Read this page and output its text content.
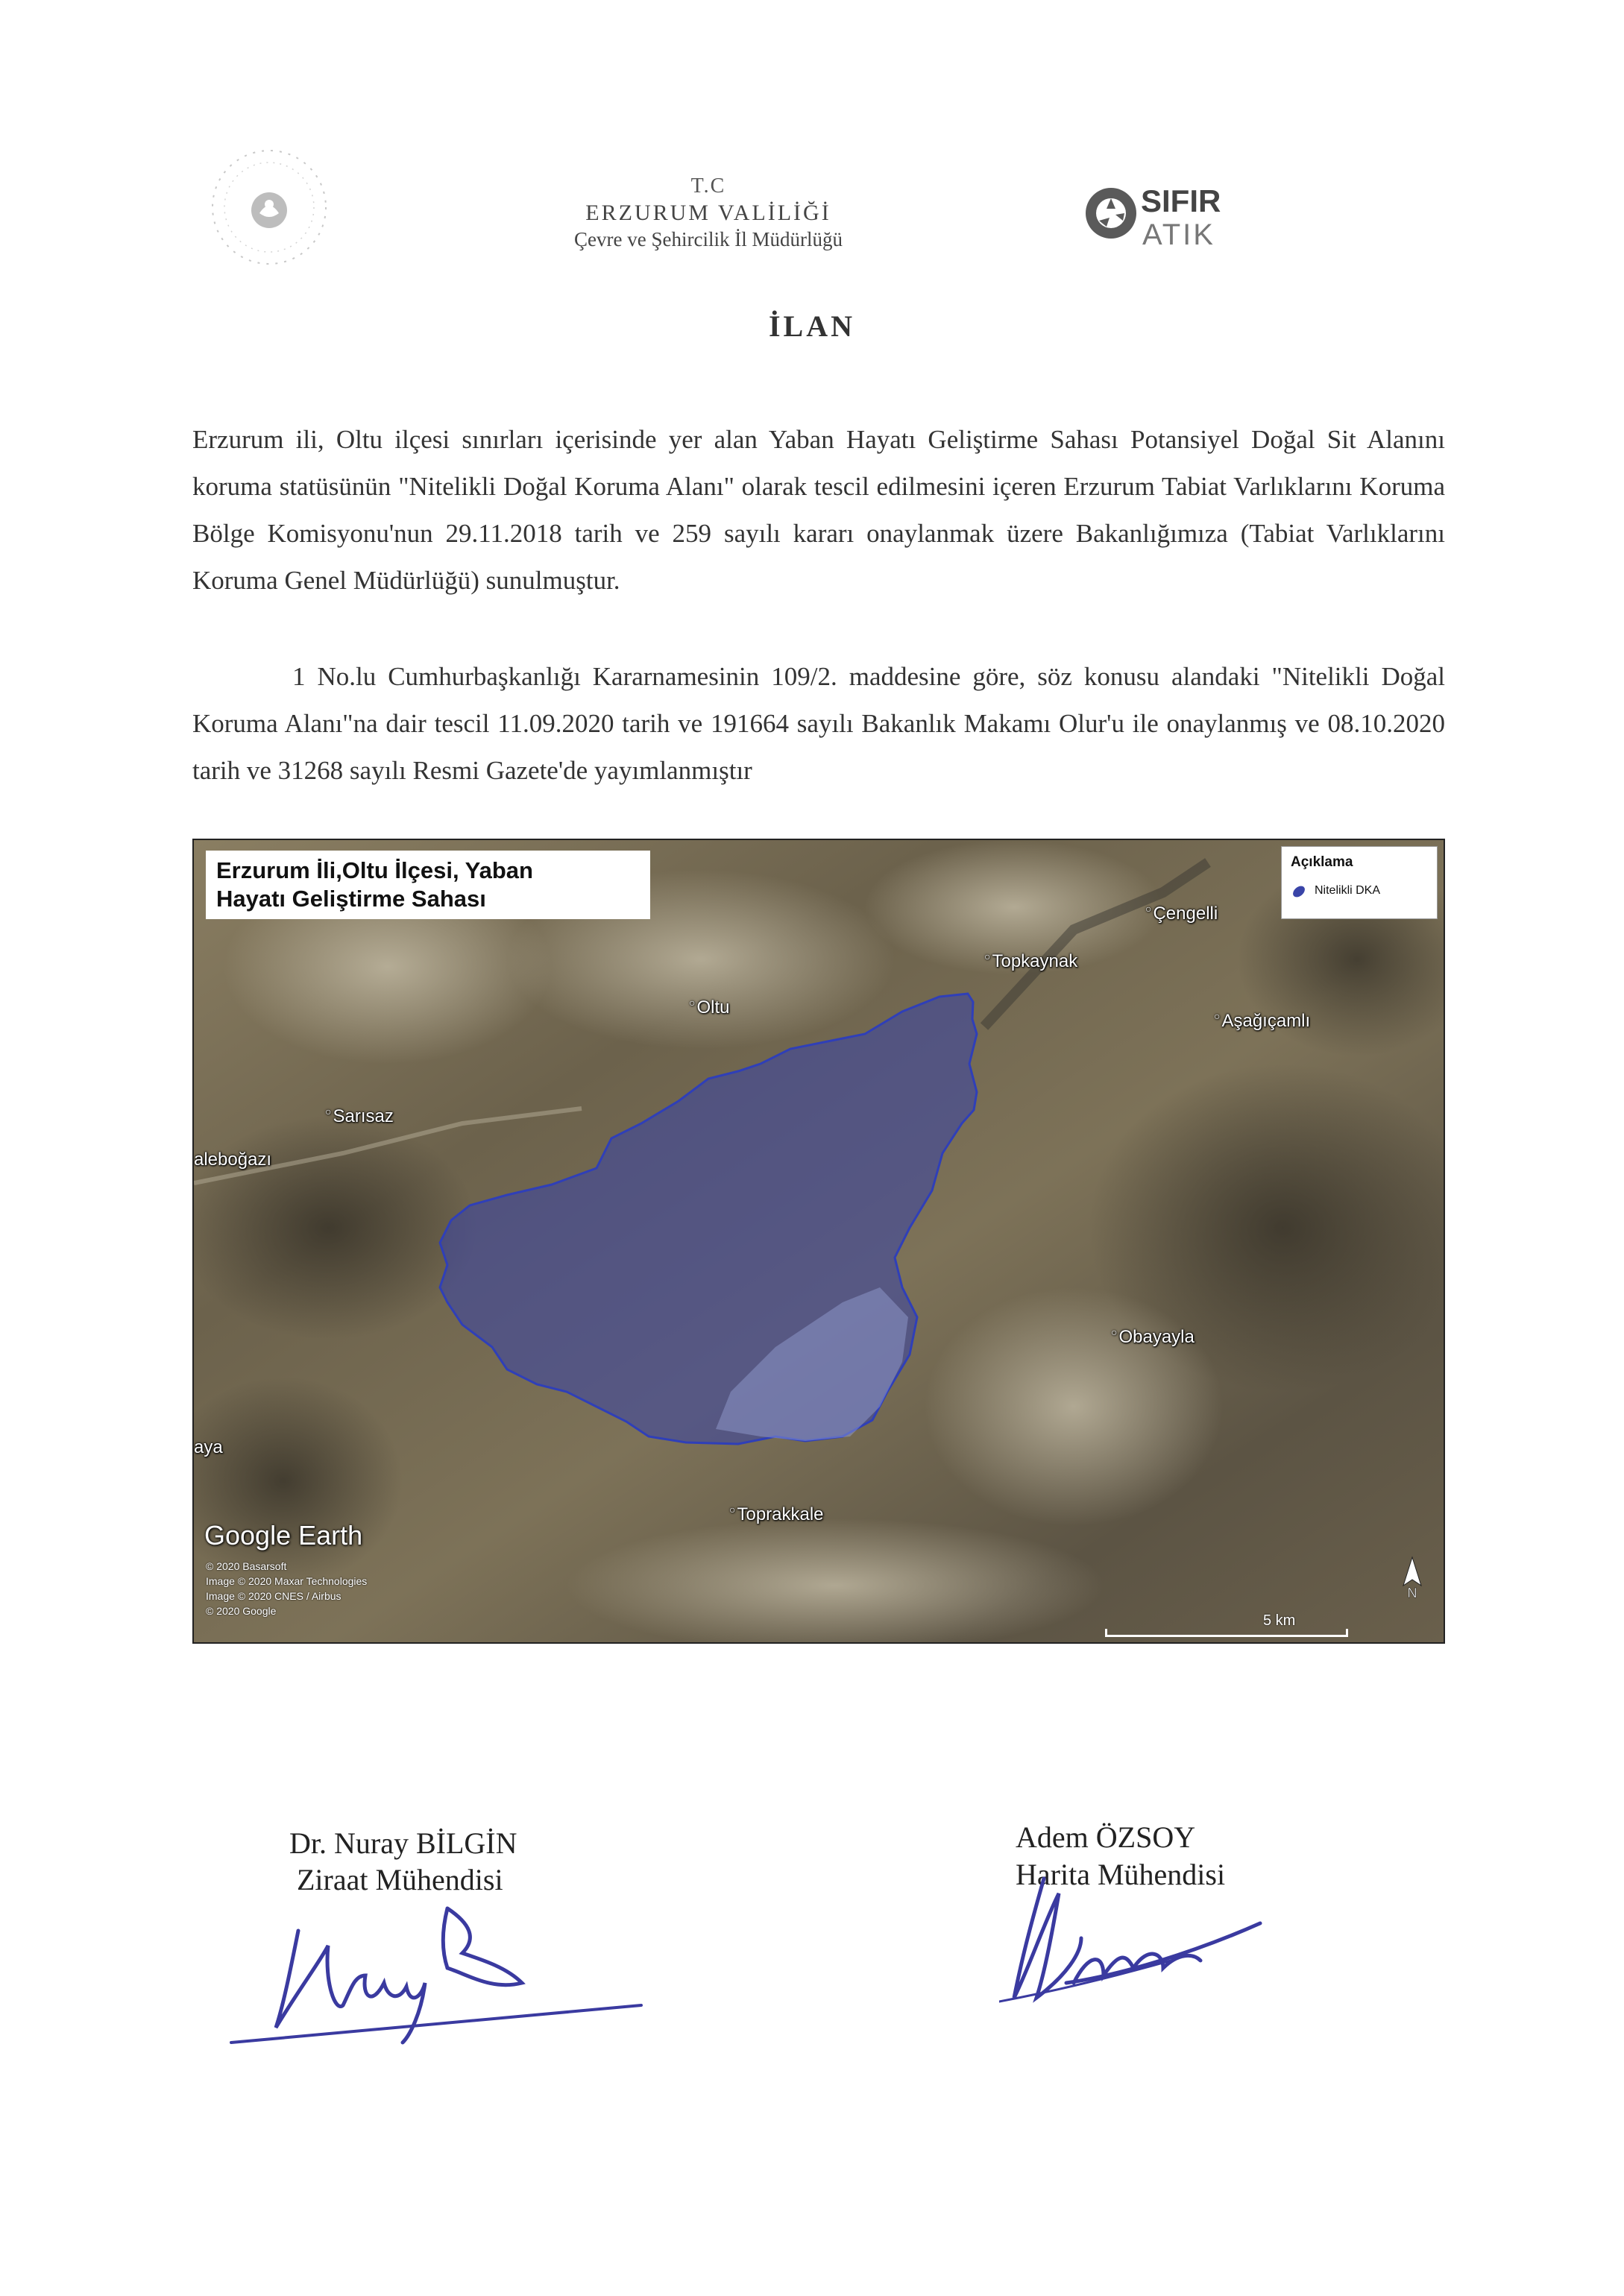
T.C
ERZURUM VALİLİĞİ
Çevre ve Şehircilik İl Müdürlüğü
SIFIR
ATIK
İLAN
Erzurum ili, Oltu ilçesi sınırları içerisinde yer alan Yaban Hayatı Geliştirme Sahası Potansiyel Doğal Sit Alanını koruma statüsünün "Nitelikli Doğal Koruma Alanı" olarak tescil edilmesini içeren Erzurum Tabiat Varlıklarını Koruma Bölge Komisyonu'nun 29.11.2018 tarih ve 259 sayılı kararı onaylanmak üzere Bakanlığımıza (Tabiat Varlıklarını Koruma Genel Müdürlüğü) sunulmuştur.
1 No.lu Cumhurbaşkanlığı Kararnamesinin 109/2. maddesine göre, söz konusu alandaki "Nitelikli Doğal Koruma Alanı"na dair tescil 11.09.2020 tarih ve 191664 sayılı Bakanlık Makamı Olur'u ile onaylanmış ve 08.10.2020 tarih ve 31268 sayılı Resmi Gazete'de yayımlanmıştır
Erzurum İli,Oltu İlçesi, Yaban
Hayatı Geliştirme Sahası
Açıklama
Nitelikli DKA
○ Çengelli
○ Topkaynak
○ Oltu
○ Aşağıçamlı
○ Sarısaz
aleboğazı
○ Obayayla
aya
○ Toprakkale
Google Earth
© 2020 Basarsoft
Image © 2020 Maxar Technologies
Image © 2020 CNES / Airbus
© 2020 Google
5 km
N
Dr. Nuray BİLGİN
Ziraat Mühendisi
Adem ÖZSOY
Harita Mühendisi
